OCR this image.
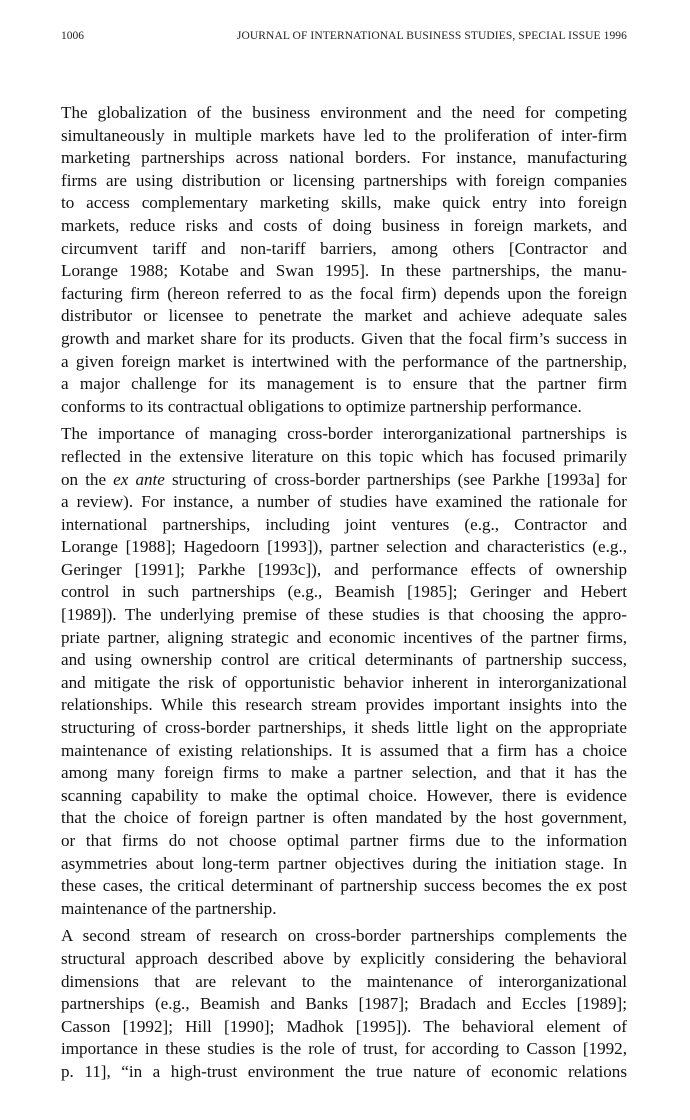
1006	JOURNAL OF INTERNATIONAL BUSINESS STUDIES, SPECIAL ISSUE 1996
The globalization of the business environment and the need for competing
simultaneously in multiple markets have led to the proliferation of inter-firm
marketing partnerships across national borders. For instance, manufacturing
firms are using distribution or licensing partnerships with foreign companies
to access complementary marketing skills, make quick entry into foreign
markets, reduce risks and costs of doing business in foreign markets, and
circumvent tariff and non-tariff barriers, among others [Contractor and
Lorange 1988; Kotabe and Swan 1995]. In these partnerships, the manu-
facturing firm (hereon referred to as the focal firm) depends upon the foreign
distributor or licensee to penetrate the market and achieve adequate sales
growth and market share for its products. Given that the focal firm’s success in
a given foreign market is intertwined with the performance of the partnership,
a major challenge for its management is to ensure that the partner firm
conforms to its contractual obligations to optimize partnership performance.
The importance of managing cross-border interorganizational partnerships is
reflected in the extensive literature on this topic which has focused primarily
on the ex ante structuring of cross-border partnerships (see Parkhe [1993a] for
a review). For instance, a number of studies have examined the rationale for
international partnerships, including joint ventures (e.g., Contractor and
Lorange [1988]; Hagedoorn [1993]), partner selection and characteristics (e.g.,
Geringer [1991]; Parkhe [1993c]), and performance effects of ownership
control in such partnerships (e.g., Beamish [1985]; Geringer and Hebert
[1989]). The underlying premise of these studies is that choosing the appro-
priate partner, aligning strategic and economic incentives of the partner firms,
and using ownership control are critical determinants of partnership success,
and mitigate the risk of opportunistic behavior inherent in interorganizational
relationships. While this research stream provides important insights into the
structuring of cross-border partnerships, it sheds little light on the appropriate
maintenance of existing relationships. It is assumed that a firm has a choice
among many foreign firms to make a partner selection, and that it has the
scanning capability to make the optimal choice. However, there is evidence
that the choice of foreign partner is often mandated by the host government,
or that firms do not choose optimal partner firms due to the information
asymmetries about long-term partner objectives during the initiation stage. In
these cases, the critical determinant of partnership success becomes the ex post
maintenance of the partnership.
A second stream of research on cross-border partnerships complements the
structural approach described above by explicitly considering the behavioral
dimensions that are relevant to the maintenance of interorganizational
partnerships (e.g., Beamish and Banks [1987]; Bradach and Eccles [1989];
Casson [1992]; Hill [1990]; Madhok [1995]). The behavioral element of
importance in these studies is the role of trust, for according to Casson [1992,
p. 11], “in a high-trust environment the true nature of economic relations
